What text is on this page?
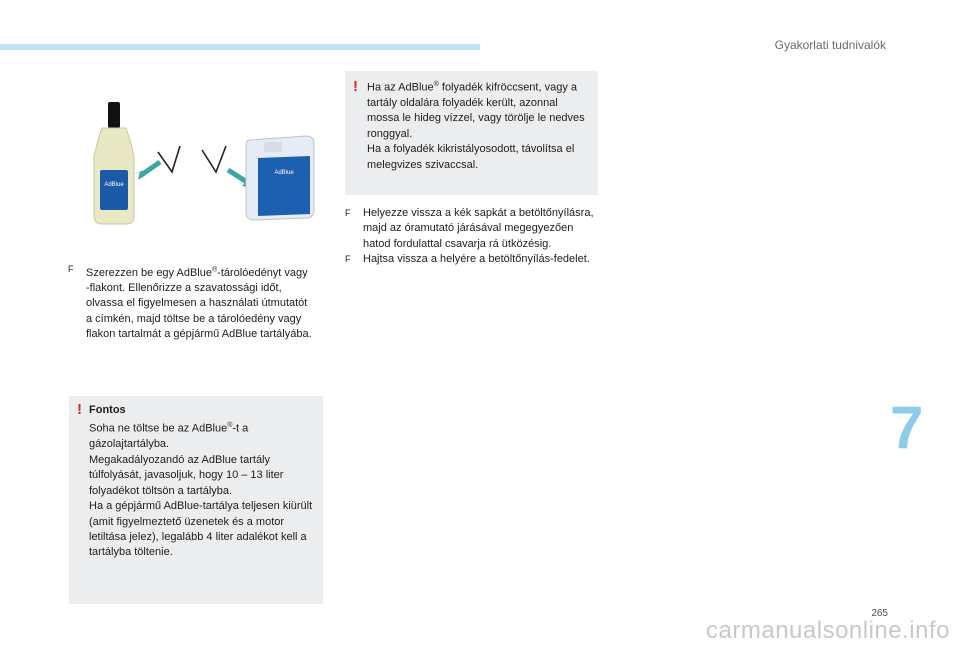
Gyakorlati tudnivalók
AdBlue
AdBlue
F Szerezzen be egy AdBlue®-tárolóedényt vagy -flakont. Ellenőrizze a szavatossági időt, olvassa el figyelmesen a használati útmutatót a címkén, majd töltse be a tárolóedény vagy flakon tartalmát a gépjármű AdBlue tartályába.
! Fontos

Soha ne töltse be az AdBlue®-t a gázolajtartályba.

Megakadályozandó az AdBlue tartály túlfolyását, javasoljuk, hogy 10 – 13 liter folyadékot töltsön a tartályba.

Ha a gépjármű AdBlue-tartálya teljesen kiürült (amit figyelmeztető üzenetek és a motor letiltása jelez), legalább 4 liter adalékot kell a tartályba töltenie.

! Ha az AdBlue® folyadék kifröccsent, vagy a tartály oldalára folyadék került, azonnal mossa le hideg vízzel, vagy törölje le nedves ronggyal.

Ha a folyadék kikristályosodott, távolítsa el melegvizes szivaccsal.

F Helyezze vissza a kék sapkát a betöltőnyílásra, majd az óramutató járásával megegyezően hatod fordulattal csavarja rá ütközésig.
F Hajtsa vissza a helyére a betöltőnyílás-fedelet.
7
265
carmanualsonline.info
